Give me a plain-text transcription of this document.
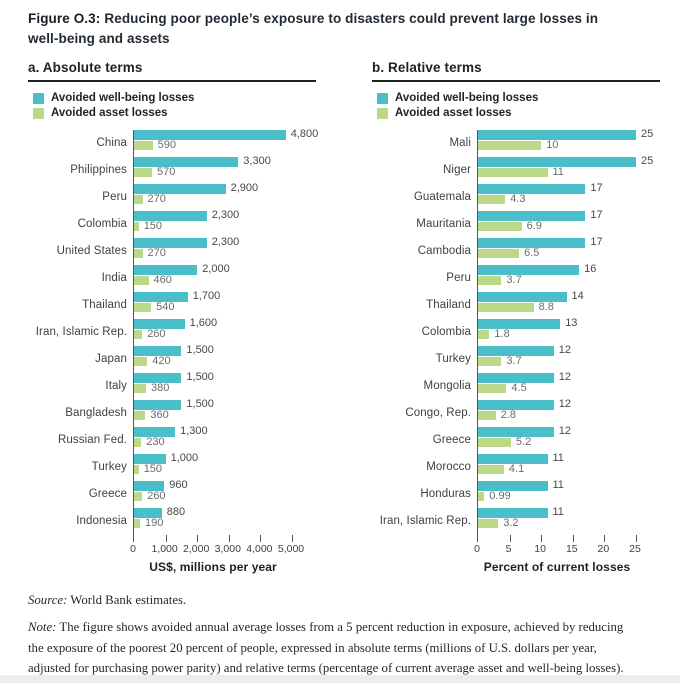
Figure O.3: Reducing poor people’s exposure to disasters could prevent large losses in well-being and assets
a. Absolute terms
Avoided well-being losses
Avoided asset losses
China
4,800
590
Philippines
3,300
570
Peru
2,900
270
Colombia
2,300
150
United States
2,300
270
India
2,000
460
Thailand
1,700
540
Iran, Islamic Rep.
1,600
260
Japan
1,500
420
Italy
1,500
380
Bangladesh
1,500
360
Russian Fed.
1,300
230
Turkey
1,000
150
Greece
960
260
Indonesia
880
190
0 1,000 2,000 3,000 4,000 5,000
US$, millions per year
b. Relative terms
Avoided well-being losses
Avoided asset losses
Mali
25
10
Niger
25
11
Guatemala
17
4.3
Mauritania
17
6.9
Cambodia
17
6.5
Peru
16
3.7
Thailand
14
8.8
Colombia
13
1.8
Turkey
12
3.7
Mongolia
12
4.5
Congo, Rep.
12
2.8
Greece
12
5.2
Morocco
11
4.1
Honduras
11
0.99
Iran, Islamic Rep.
11
3.2
0 5 10 15 20 25
Percent of current losses

Source: World Bank estimates.

Note: The figure shows avoided annual average losses from a 5 percent reduction in exposure, achieved by reducing the exposure of the poorest 20 percent of people, expressed in absolute terms (millions of U.S. dollars per year, adjusted for purchasing power parity) and relative terms (percentage of current average asset and well-being losses).
